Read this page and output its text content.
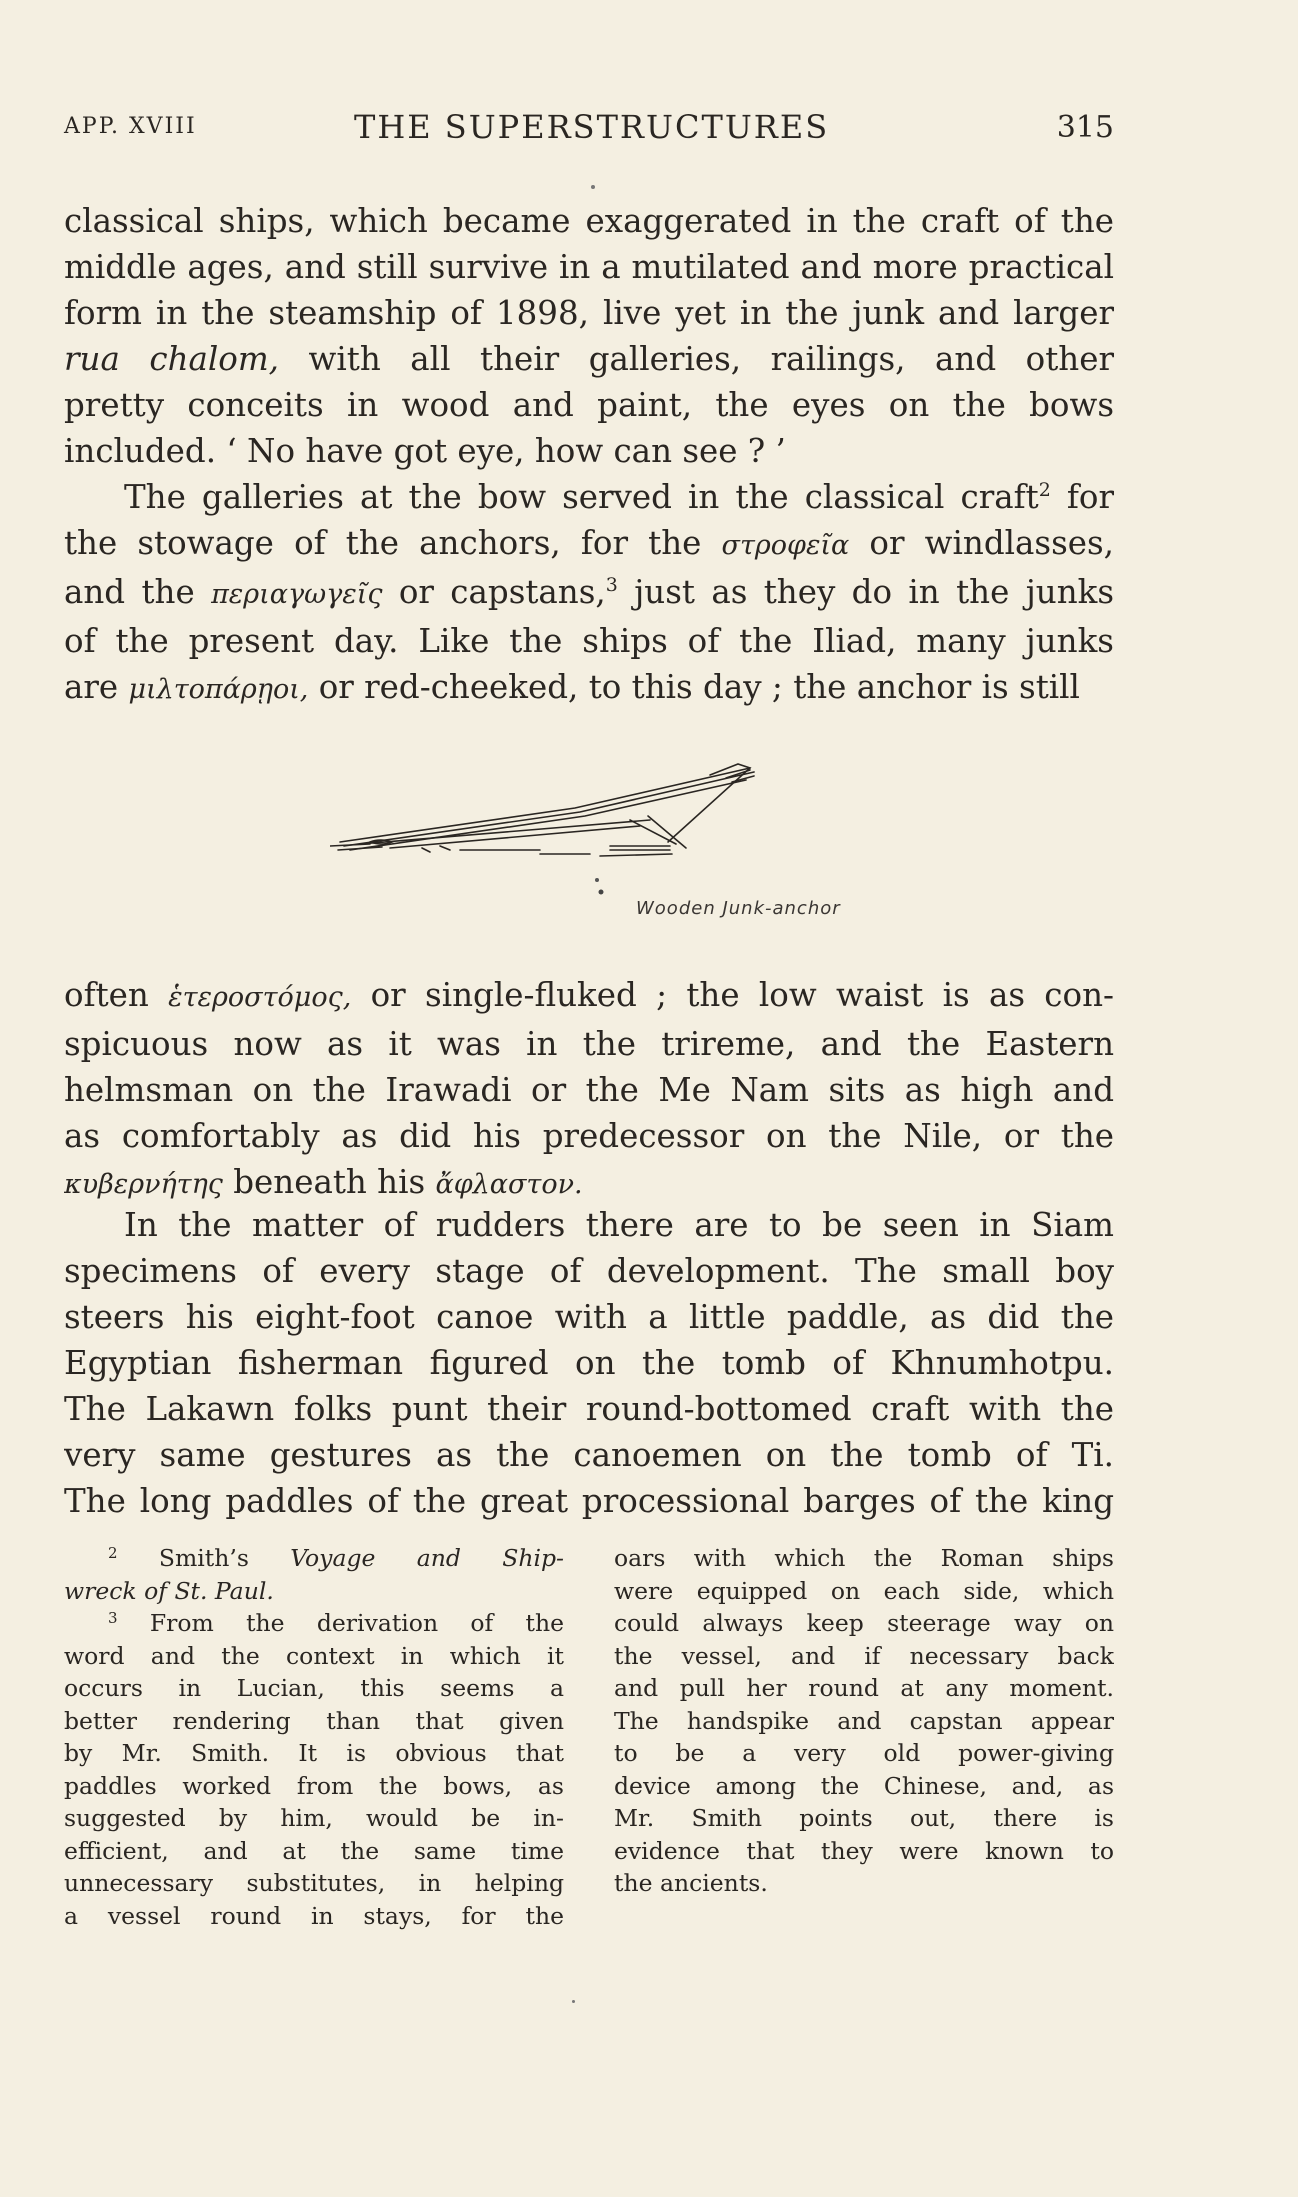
APP. XVIII	THE SUPERSTRUCTURES	315
classical ships, which became exaggerated in the craft of the
middle ages, and still survive in a mutilated and more practical
form in the steamship of 1898, live yet in the junk and larger
rua chalom, with all their galleries, railings, and other
pretty conceits in wood and paint, the eyes on the bows
included. ‘ No have got eye, how can see ? ’
The galleries at the bow served in the classical craft$^2$ for
the stowage of the anchors, for the στροφεῖα or windlasses,
and the περιαγωγεῖς or capstans,$^3$ just as they do in the junks
of the present day. Like the ships of the Iliad, many junks
are μιλτοπάρῃοι, or red-cheeked, to this day ; the anchor is still
Wooden Junk-anchor
often ἑτεροστόμος, or single-fluked ; the low waist is as con-
spicuous now as it was in the trireme, and the Eastern
helmsman on the Irawadi or the Me Nam sits as high and
as comfortably as did his predecessor on the Nile, or the
κυβερνήτης beneath his ἄφλαστον.
In the matter of rudders there are to be seen in Siam
specimens of every stage of development. The small boy
steers his eight-foot canoe with a little paddle, as did the
Egyptian fisherman figured on the tomb of Khnumhotpu.
The Lakawn folks punt their round-bottomed craft with the
very same gestures as the canoemen on the tomb of Ti.
The long paddles of the great processional barges of the king
$^2$ Smith’s Voyage and Ship-
wreck of St. Paul.
$^3$ From the derivation of the
word and the context in which it
occurs in Lucian, this seems a
better rendering than that given
by Mr. Smith. It is obvious that
paddles worked from the bows, as
suggested by him, would be in-
efficient, and at the same time
unnecessary substitutes, in helping
a vessel round in stays, for the
oars with which the Roman ships
were equipped on each side, which
could always keep steerage way on
the vessel, and if necessary back
and pull her round at any moment.
The handspike and capstan appear
to be a very old power-giving
device among the Chinese, and, as
Mr. Smith points out, there is
evidence that they were known to
the ancients.
